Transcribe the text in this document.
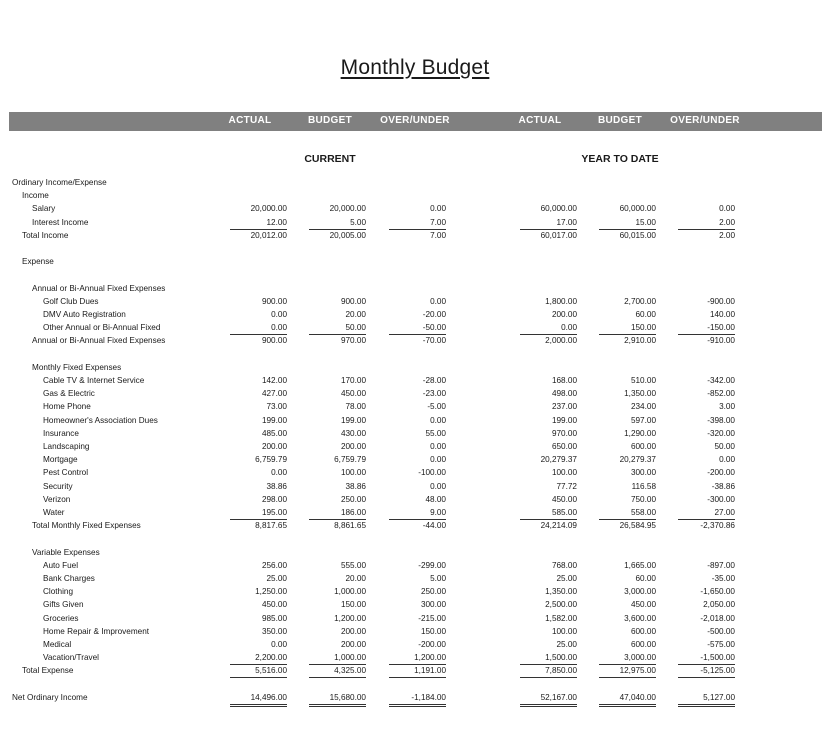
Monthly Budget
ACTUAL	BUDGET	OVER/UNDER	ACTUAL	BUDGET	OVER/UNDER
CURRENT	YEAR TO DATE
Ordinary Income/Expense
Income
Salary	20,000.00	20,000.00	0.00	60,000.00	60,000.00	0.00
Interest Income	12.00	5.00	7.00	17.00	15.00	2.00
Total Income	20,012.00	20,005.00	7.00	60,017.00	60,015.00	2.00
Expense
Annual or Bi-Annual Fixed Expenses
Golf Club Dues	900.00	900.00	0.00	1,800.00	2,700.00	-900.00
DMV Auto Registration	0.00	20.00	-20.00	200.00	60.00	140.00
Other Annual or Bi-Annual Fixed	0.00	50.00	-50.00	0.00	150.00	-150.00
Annual or Bi-Annual Fixed Expenses	900.00	970.00	-70.00	2,000.00	2,910.00	-910.00
Monthly Fixed Expenses
Cable TV & Internet Service	142.00	170.00	-28.00	168.00	510.00	-342.00
Gas & Electric	427.00	450.00	-23.00	498.00	1,350.00	-852.00
Home Phone	73.00	78.00	-5.00	237.00	234.00	3.00
Homeowner's Association Dues	199.00	199.00	0.00	199.00	597.00	-398.00
Insurance	485.00	430.00	55.00	970.00	1,290.00	-320.00
Landscaping	200.00	200.00	0.00	650.00	600.00	50.00
Mortgage	6,759.79	6,759.79	0.00	20,279.37	20,279.37	0.00
Pest Control	0.00	100.00	-100.00	100.00	300.00	-200.00
Security	38.86	38.86	0.00	77.72	116.58	-38.86
Verizon	298.00	250.00	48.00	450.00	750.00	-300.00
Water	195.00	186.00	9.00	585.00	558.00	27.00
Total Monthly Fixed Expenses	8,817.65	8,861.65	-44.00	24,214.09	26,584.95	-2,370.86
Variable Expenses
Auto Fuel	256.00	555.00	-299.00	768.00	1,665.00	-897.00
Bank Charges	25.00	20.00	5.00	25.00	60.00	-35.00
Clothing	1,250.00	1,000.00	250.00	1,350.00	3,000.00	-1,650.00
Gifts Given	450.00	150.00	300.00	2,500.00	450.00	2,050.00
Groceries	985.00	1,200.00	-215.00	1,582.00	3,600.00	-2,018.00
Home Repair & Improvement	350.00	200.00	150.00	100.00	600.00	-500.00
Medical	0.00	200.00	-200.00	25.00	600.00	-575.00
Vacation/Travel	2,200.00	1,000.00	1,200.00	1,500.00	3,000.00	-1,500.00
Total Expense	5,516.00	4,325.00	1,191.00	7,850.00	12,975.00	-5,125.00
Net Ordinary Income	14,496.00	15,680.00	-1,184.00	52,167.00	47,040.00	5,127.00
